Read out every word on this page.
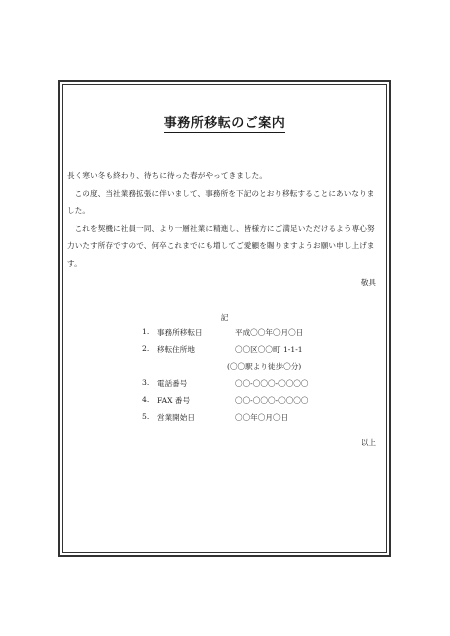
事務所移転のご案内

長く寒い冬も終わり、待ちに待った春がやってきました。

この度、当社業務拡張に伴いまして、事務所を下記のとおり移転することにあいなりました。

これを契機に社員一同、より一層社業に精進し、皆様方にご満足いただけるよう専心努力いたす所存ですので、何卒これまでにも増してご愛顧を賜りますようお願い申し上げます。

敬具
記
1. 事務所移転日	平成〇〇年〇月〇日
2. 移転住所地	〇〇区〇〇町 1-1-1
(〇〇駅より徒歩〇分)
3. 電話番号	〇〇-〇〇〇-〇〇〇〇
4. FAX 番号	〇〇-〇〇〇-〇〇〇〇
5. 営業開始日	〇〇年〇月〇日
以上
